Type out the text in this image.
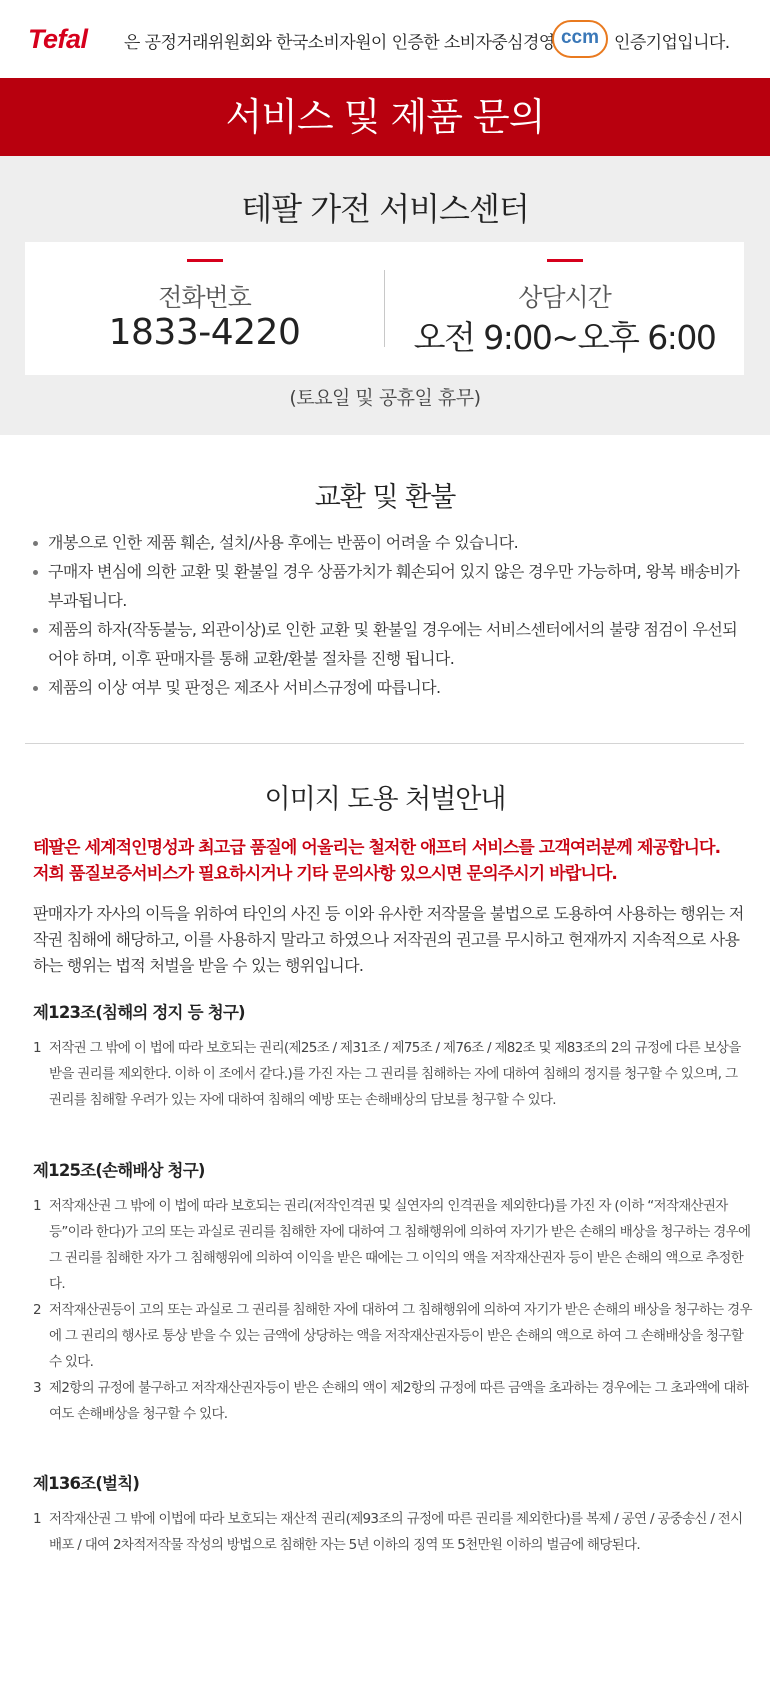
Tefal 은 공정거래위원회와 한국소비자원이 인증한 소비자중심경영 ccm 인증기업입니다.
서비스 및 제품 문의
테팔 가전 서비스센터
전화번호
1833-4220
상담시간
오전 9:00~오후 6:00
(토요일 및 공휴일 휴무)
교환 및 환불
개봉으로 인한 제품 훼손, 설치/사용 후에는 반품이 어려울 수 있습니다.
구매자 변심에 의한 교환 및 환불일 경우 상품가치가 훼손되어 있지 않은 경우만 가능하며, 왕복 배송비가 부과됩니다.
제품의 하자(작동불능, 외관이상)로 인한 교환 및 환불일 경우에는 서비스센터에서의 불량 점검이 우선되어야 하며, 이후 판매자를 통해 교환/환불 절차를 진행 됩니다.
제품의 이상 여부 및 판정은 제조사 서비스규정에 따릅니다.
이미지 도용 처벌안내
테팔은 세계적인명성과 최고급 품질에 어울리는 철저한 애프터 서비스를 고객여러분께 제공합니다.
저희 품질보증서비스가 필요하시거나 기타 문의사항 있으시면 문의주시기 바랍니다.
판매자가 자사의 이득을 위하여 타인의 사진 등 이와 유사한 저작물을 불법으로 도용하여 사용하는 행위는 저작권 침해에 해당하고, 이를 사용하지 말라고 하였으나 저작권의 권고를 무시하고 현재까지 지속적으로 사용하는 행위는 법적 처벌을 받을 수 있는 행위입니다.
제123조(침해의 정지 등 청구)
1 저작권 그 밖에 이 법에 따라 보호되는 권리(제25조 / 제31조 / 제75조 / 제76조 / 제82조 및 제83조의 2의 규정에 다른 보상을 받을 권리를 제외한다. 이하 이 조에서 같다.)를 가진 자는 그 권리를 침해하는 자에 대하여 침해의 정지를 청구할 수 있으며, 그 권리를 침해할 우려가 있는 자에 대하여 침해의 예방 또는 손해배상의 담보를 청구할 수 있다.
제125조(손해배상 청구)
1 저작재산권 그 밖에 이 법에 따라 보호되는 권리(저작인격권 및 실연자의 인격권을 제외한다)를 가진 자 (이하 “저작재산권자등”이라 한다)가 고의 또는 과실로 권리를 침해한 자에 대하여 그 침해행위에 의하여 자기가 받은 손해의 배상을 청구하는 경우에 그 권리를 침해한 자가 그 침해행위에 의하여 이익을 받은 때에는 그 이익의 액을 저작재산권자 등이 받은 손해의 액으로 추정한다.
2 저작재산권등이 고의 또는 과실로 그 권리를 침해한 자에 대하여 그 침해행위에 의하여 자기가 받은 손해의 배상을 청구하는 경우에 그 권리의 행사로 통상 받을 수 있는 금액에 상당하는 액을 저작재산권자등이 받은 손해의 액으로 하여 그 손해배상을 청구할 수 있다.
3 제2항의 규정에 불구하고 저작재산권자등이 받은 손해의 액이 제2항의 규정에 따른 금액을 초과하는 경우에는 그 초과액에 대하여도 손해배상을 청구할 수 있다.
제136조(벌칙)
1 저작재산권 그 밖에 이법에 따라 보호되는 재산적 권리(제93조의 규정에 따른 권리를 제외한다)를 복제 / 공연 / 공중송신 / 전시배포 / 대여 2차적저작물 작성의 방법으로 침해한 자는 5년 이하의 징역 또 5천만원 이하의 벌금에 해당된다.
